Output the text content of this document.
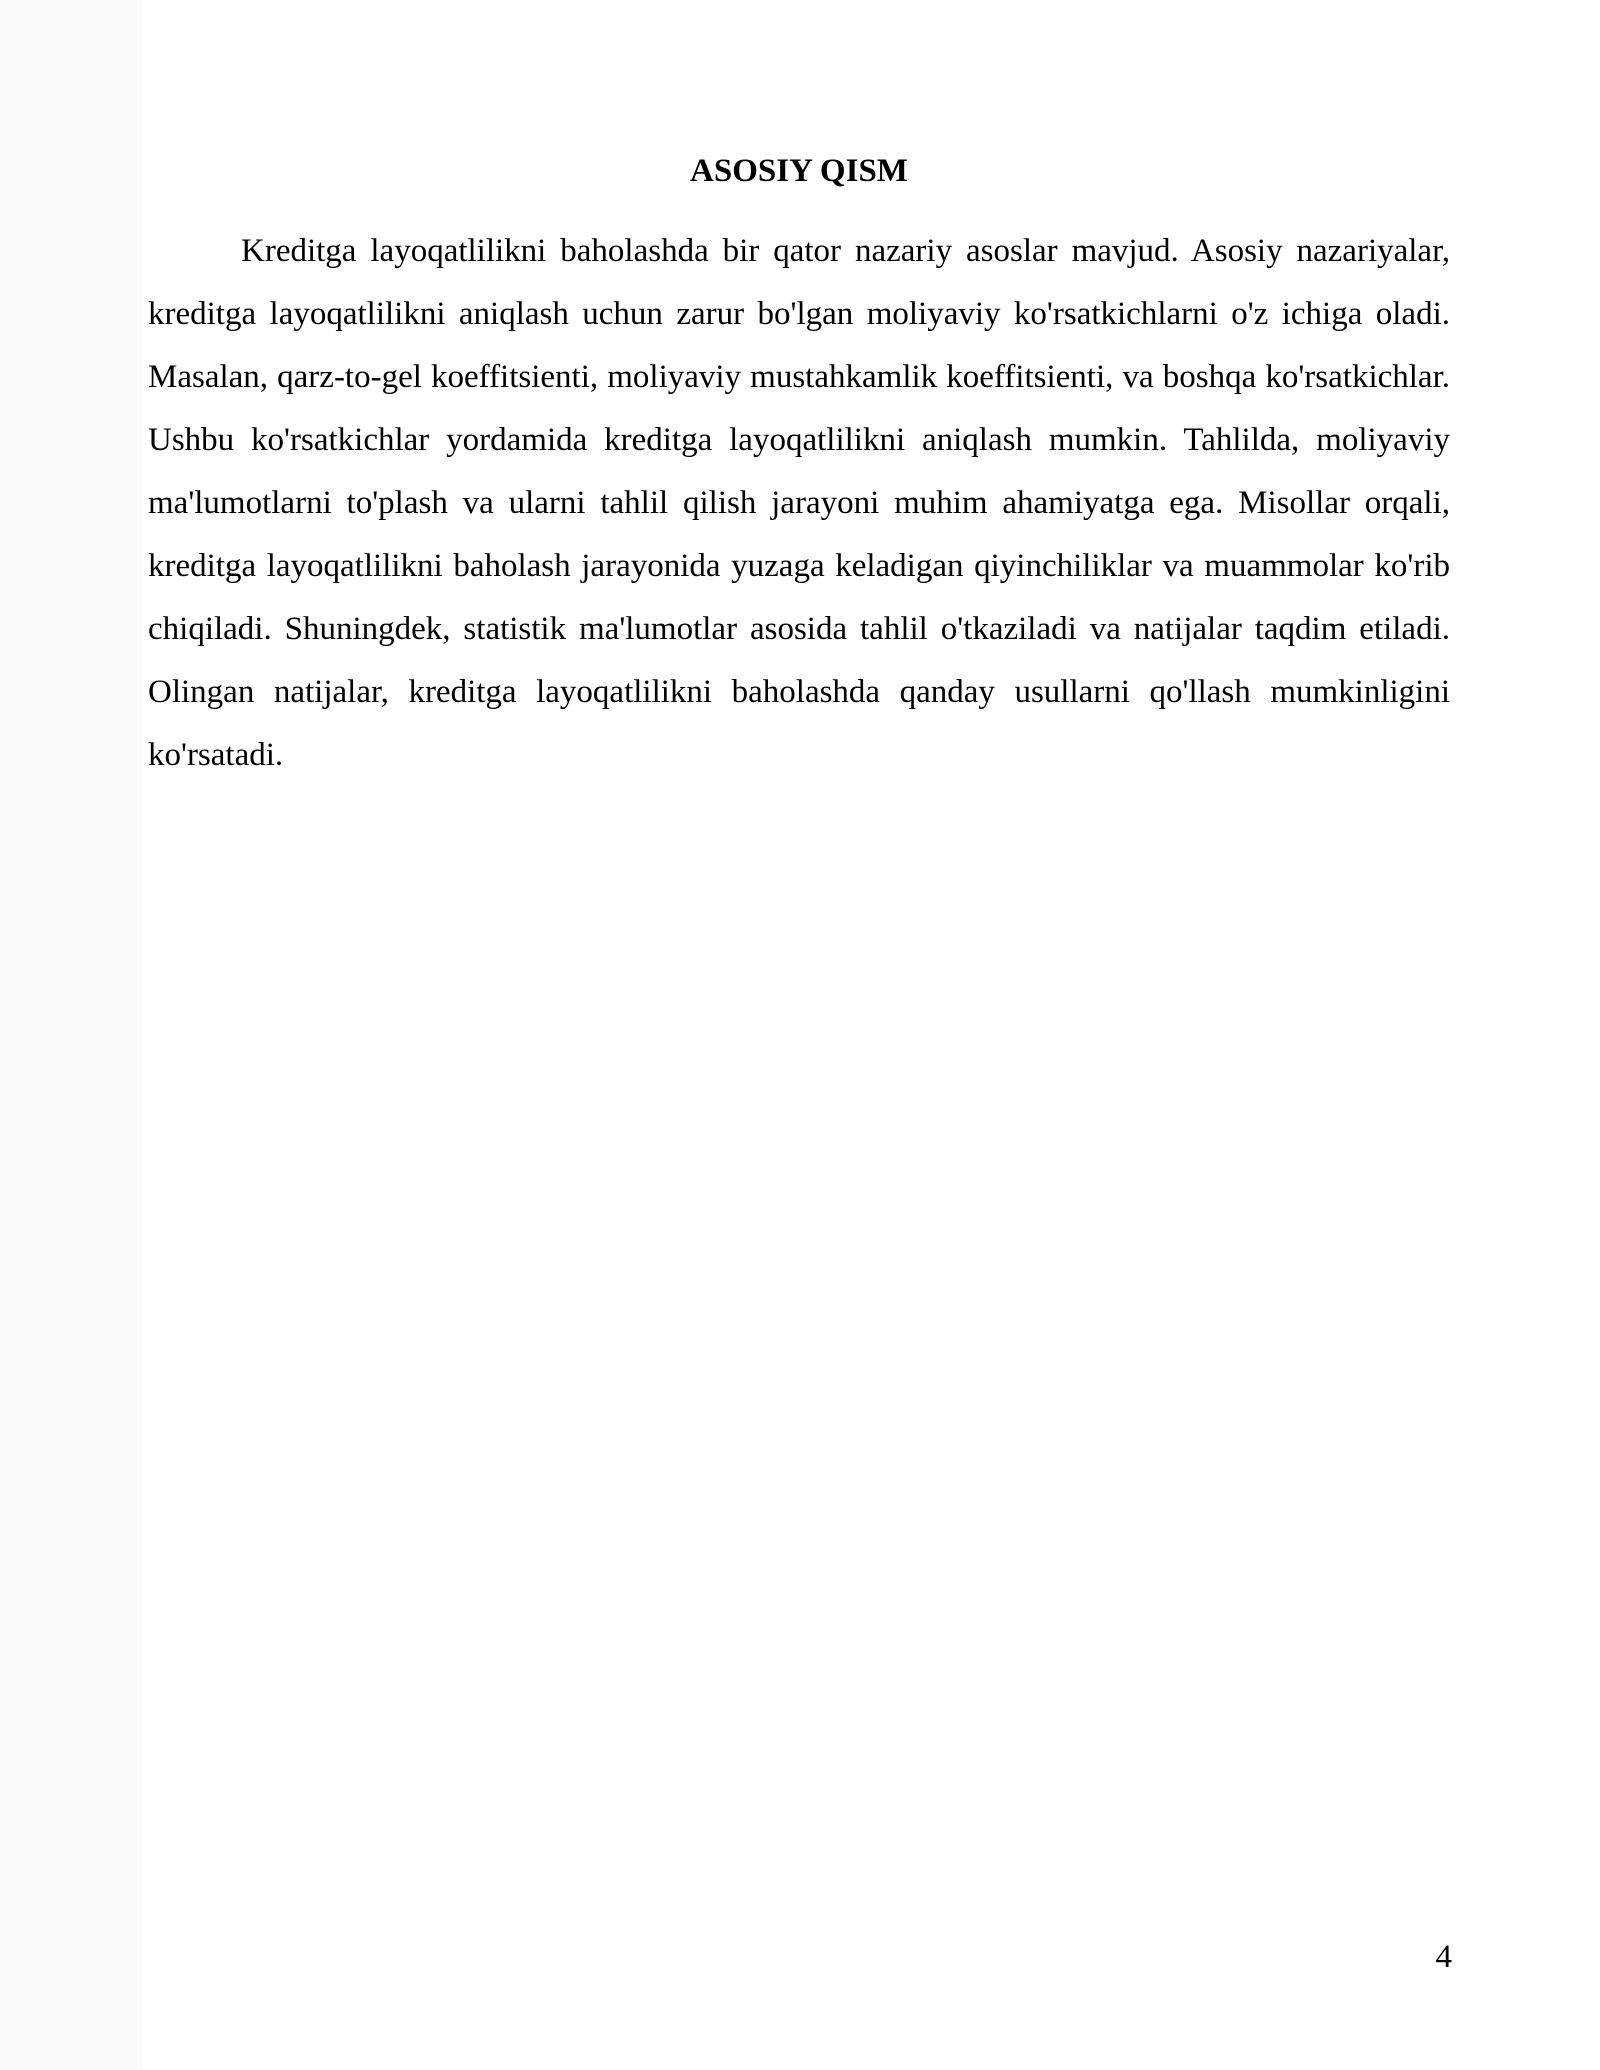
ASOSIY QISM

Kreditga layoqatlilikni baholashda bir qator nazariy asoslar mavjud. Asosiy nazariyalar, kreditga layoqatlilikni aniqlash uchun zarur bo'lgan moliyaviy ko'rsatkichlarni o'z ichiga oladi. Masalan, qarz-to-gel koeffitsienti, moliyaviy mustahkamlik koeffitsienti, va boshqa ko'rsatkichlar. Ushbu ko'rsatkichlar yordamida kreditga layoqatlilikni aniqlash mumkin. Tahlilda, moliyaviy ma'lumotlarni to'plash va ularni tahlil qilish jarayoni muhim ahamiyatga ega. Misollar orqali, kreditga layoqatlilikni baholash jarayonida yuzaga keladigan qiyinchiliklar va muammolar ko'rib chiqiladi. Shuningdek, statistik ma'lumotlar asosida tahlil o'tkaziladi va natijalar taqdim etiladi. Olingan natijalar, kreditga layoqatlilikni baholashda qanday usullarni qo'llash mumkinligini ko'rsatadi.

4
